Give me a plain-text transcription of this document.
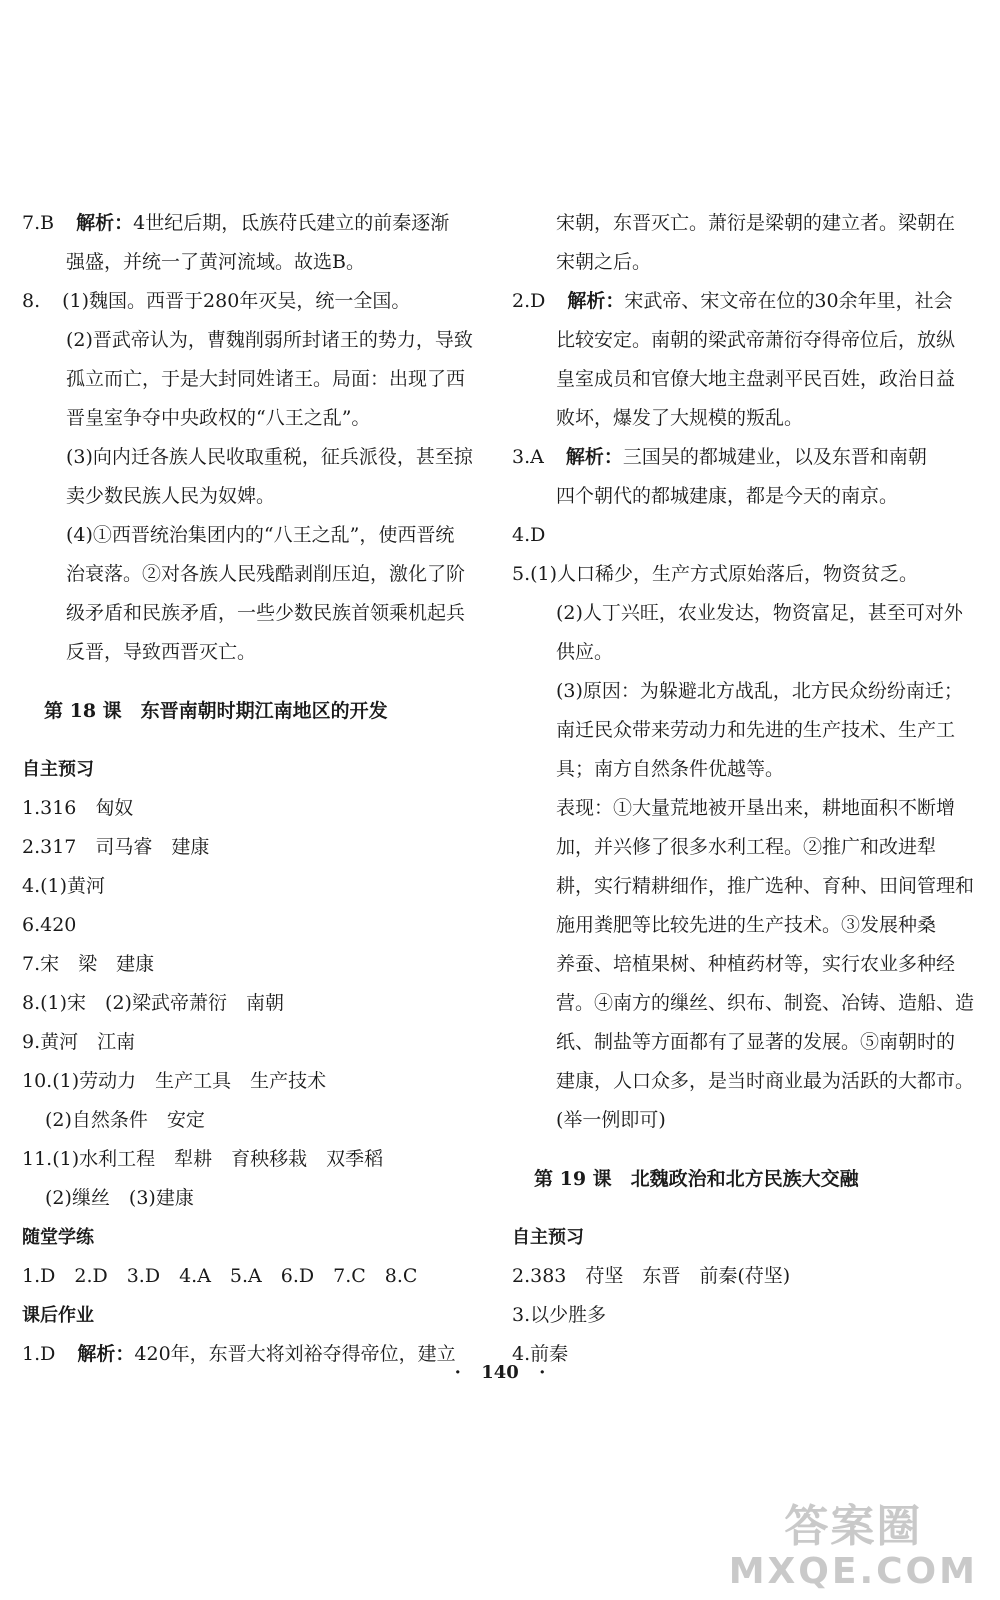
7.B 解析：4世纪后期，氐族苻氏建立的前秦逐渐
强盛，并统一了黄河流域。故选B。
8. (1)魏国。西晋于280年灭吴，统一全国。
(2)晋武帝认为，曹魏削弱所封诸王的势力，导致
孤立而亡，于是大封同姓诸王。局面：出现了西
晋皇室争夺中央政权的“八王之乱”。
(3)向内迁各族人民收取重税，征兵派役，甚至掠
卖少数民族人民为奴婢。
(4)①西晋统治集团内的“八王之乱”，使西晋统
治衰落。②对各族人民残酷剥削压迫，激化了阶
级矛盾和民族矛盾，一些少数民族首领乘机起兵
反晋，导致西晋灭亡。
第 18 课　东晋南朝时期江南地区的开发
自主预习
1.316　匈奴
2.317　司马睿　建康
4.(1)黄河
6.420
7.宋　梁　建康
8.(1)宋　(2)梁武帝萧衍　南朝
9.黄河　江南
10.(1)劳动力　生产工具　生产技术
(2)自然条件　安定
11.(1)水利工程　犁耕　育秧移栽　双季稻
(2)缫丝　(3)建康
随堂学练
1.D　2.D　3.D　4.A　5.A　6.D　7.C　8.C
课后作业
1.D 解析：420年，东晋大将刘裕夺得帝位，建立
宋朝，东晋灭亡。萧衍是梁朝的建立者。梁朝在
宋朝之后。
2.D 解析：宋武帝、宋文帝在位的30余年里，社会
比较安定。南朝的梁武帝萧衍夺得帝位后，放纵
皇室成员和官僚大地主盘剥平民百姓，政治日益
败坏，爆发了大规模的叛乱。
3.A 解析：三国吴的都城建业，以及东晋和南朝
四个朝代的都城建康，都是今天的南京。
4.D
5.(1)人口稀少，生产方式原始落后，物资贫乏。
(2)人丁兴旺，农业发达，物资富足，甚至可对外
供应。
(3)原因：为躲避北方战乱，北方民众纷纷南迁；
南迁民众带来劳动力和先进的生产技术、生产工
具；南方自然条件优越等。
表现：①大量荒地被开垦出来，耕地面积不断增
加，并兴修了很多水利工程。②推广和改进犁
耕，实行精耕细作，推广选种、育种、田间管理和
施用粪肥等比较先进的生产技术。③发展种桑
养蚕、培植果树、种植药材等，实行农业多种经
营。④南方的缫丝、织布、制瓷、冶铸、造船、造
纸、制盐等方面都有了显著的发展。⑤南朝时的
建康，人口众多，是当时商业最为活跃的大都市。
(举一例即可)
第 19 课　北魏政治和北方民族大交融
自主预习
2.383　苻坚　东晋　前秦(苻坚)
3.以少胜多
4.前秦
· 140 ·
答案圈
MXQE.COM
